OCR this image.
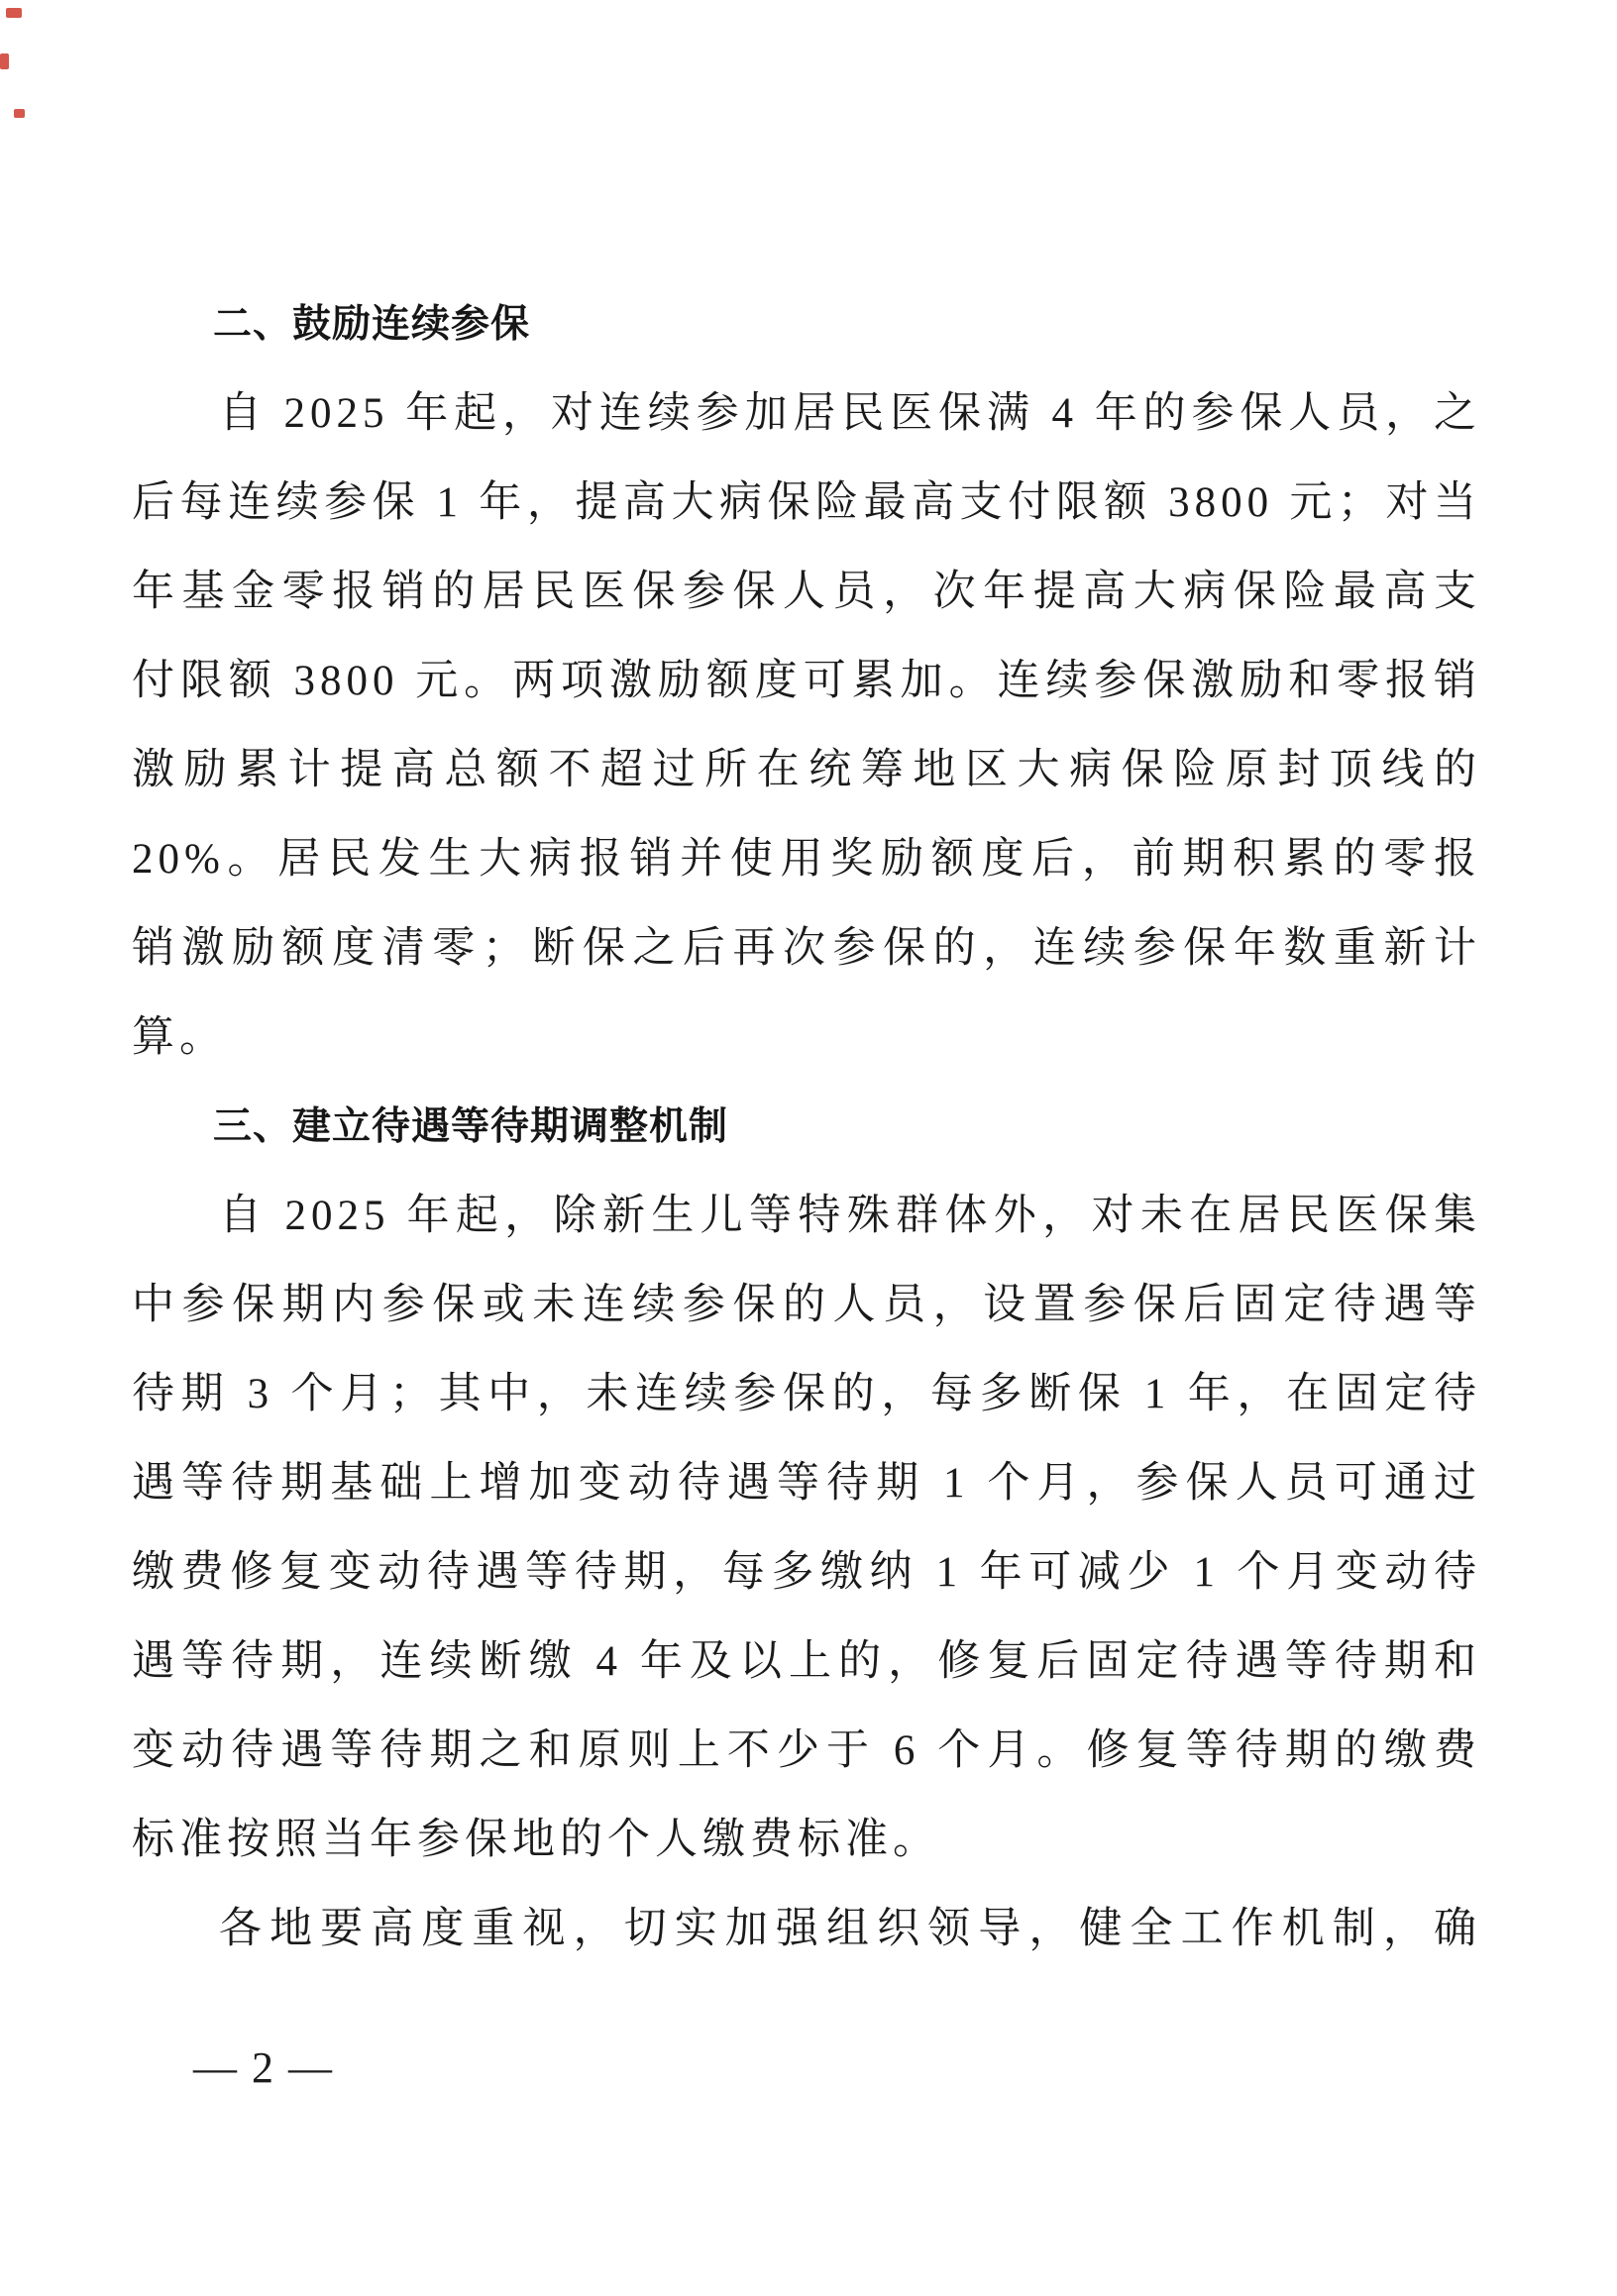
二、鼓励连续参保

自 2025 年起，对连续参加居民医保满 4 年的参保人员，之

后每连续参保 1 年，提高大病保险最高支付限额 3800 元；对当

年基金零报销的居民医保参保人员，次年提高大病保险最高支

付限额 3800 元。两项激励额度可累加。连续参保激励和零报销

激励累计提高总额不超过所在统筹地区大病保险原封顶线的

20%。居民发生大病报销并使用奖励额度后，前期积累的零报

销激励额度清零；断保之后再次参保的，连续参保年数重新计

算。

三、建立待遇等待期调整机制

自 2025 年起，除新生儿等特殊群体外，对未在居民医保集

中参保期内参保或未连续参保的人员，设置参保后固定待遇等

待期 3 个月；其中，未连续参保的，每多断保 1 年，在固定待

遇等待期基础上增加变动待遇等待期 1 个月，参保人员可通过

缴费修复变动待遇等待期，每多缴纳 1 年可减少 1 个月变动待

遇等待期，连续断缴 4 年及以上的，修复后固定待遇等待期和

变动待遇等待期之和原则上不少于 6 个月。修复等待期的缴费

标准按照当年参保地的个人缴费标准。

各地要高度重视，切实加强组织领导，健全工作机制，确

— 2 —
